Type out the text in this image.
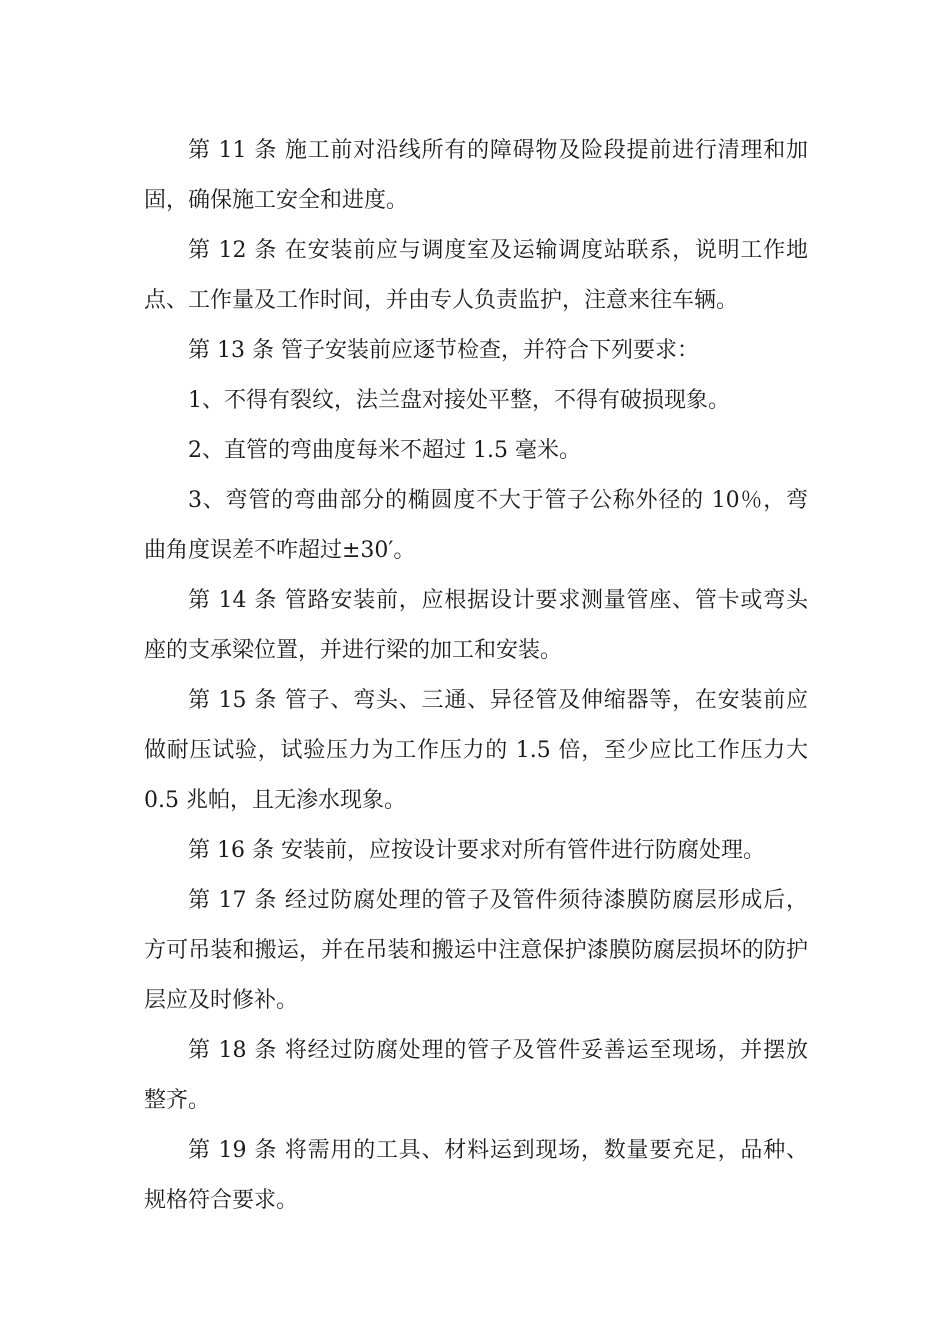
第 11 条 施工前对沿线所有的障碍物及险段提前进行清理和加固，确保施工安全和进度。

第 12 条 在安装前应与调度室及运输调度站联系，说明工作地点、工作量及工作时间，并由专人负责监护，注意来往车辆。

第 13 条 管子安装前应逐节检查，并符合下列要求：

1、不得有裂纹，法兰盘对接处平整，不得有破损现象。

2、直管的弯曲度每米不超过 1.5 毫米。

3、弯管的弯曲部分的椭圆度不大于管子公称外径的 10％，弯曲角度误差不咋超过±30′。

第 14 条 管路安装前，应根据设计要求测量管座、管卡或弯头座的支承梁位置，并进行梁的加工和安装。

第 15 条 管子、弯头、三通、异径管及伸缩器等，在安装前应做耐压试验，试验压力为工作压力的 1.5 倍，至少应比工作压力大 0.5 兆帕，且无渗水现象。

第 16 条 安装前，应按设计要求对所有管件进行防腐处理。

第 17 条 经过防腐处理的管子及管件须待漆膜防腐层形成后，方可吊装和搬运，并在吊装和搬运中注意保护漆膜防腐层损坏的防护层应及时修补。

第 18 条 将经过防腐处理的管子及管件妥善运至现场，并摆放整齐。

第 19 条 将需用的工具、材料运到现场，数量要充足，品种、规格符合要求。
